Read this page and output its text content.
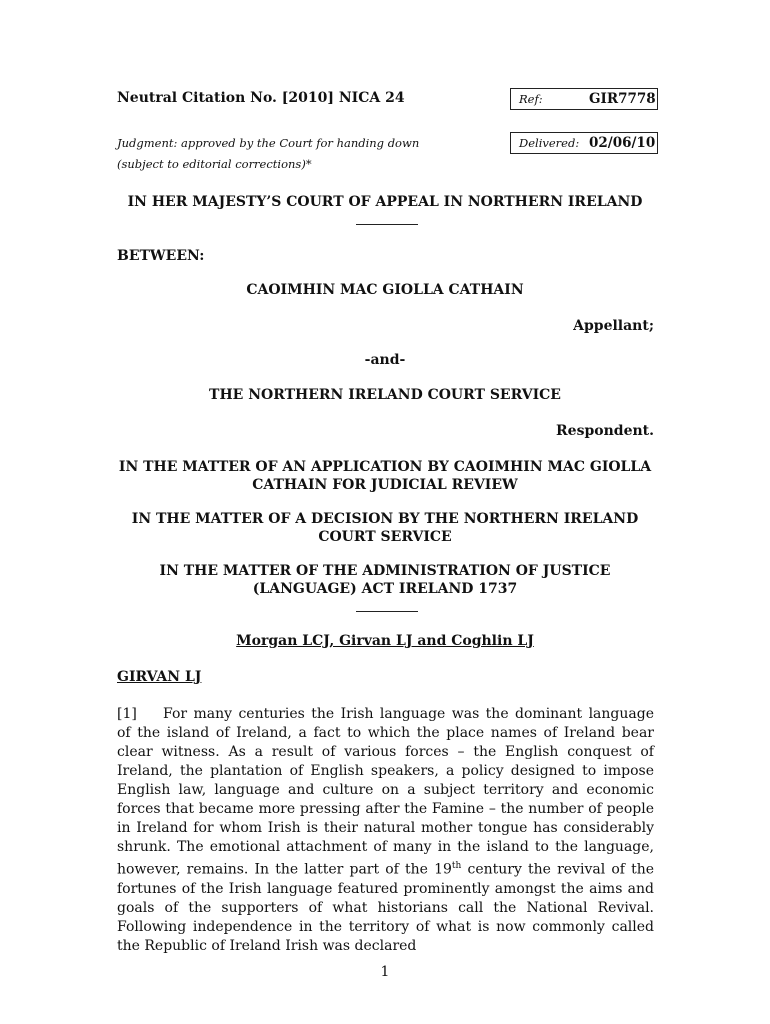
Neutral Citation No. [2010] NICA 24	Ref:	GIR7778

Judgment: approved by the Court for handing down

(subject to editorial corrections)*

Delivered: 02/06/10

IN HER MAJESTY’S COURT OF APPEAL IN NORTHERN IRELAND

BETWEEN:

CAOIMHIN MAC GIOLLA CATHAIN

Appellant;

-and-

THE NORTHERN IRELAND COURT SERVICE

Respondent.

IN THE MATTER OF AN APPLICATION BY CAOIMHIN MAC GIOLLA
CATHAIN FOR JUDICIAL REVIEW
IN THE MATTER OF A DECISION BY THE NORTHERN IRELAND
COURT SERVICE
IN THE MATTER OF THE ADMINISTRATION OF JUSTICE
(LANGUAGE) ACT IRELAND 1737

Morgan LCJ, Girvan LJ and Coghlin LJ

GIRVAN LJ

[1] For many centuries the Irish language was the dominant language of the island of Ireland, a fact to which the place names of Ireland bear clear witness. As a result of various forces – the English conquest of Ireland, the plantation of English speakers, a policy designed to impose English law, language and culture on a subject territory and economic forces that became more pressing after the Famine – the number of people in Ireland for whom Irish is their natural mother tongue has considerably shrunk. The emotional attachment of many in the island to the language, however, remains. In the latter part of the 19th century the revival of the fortunes of the Irish language featured prominently amongst the aims and goals of the supporters of what historians call the National Revival. Following independence in the territory of what is now commonly called the Republic of Ireland Irish was declared

1
